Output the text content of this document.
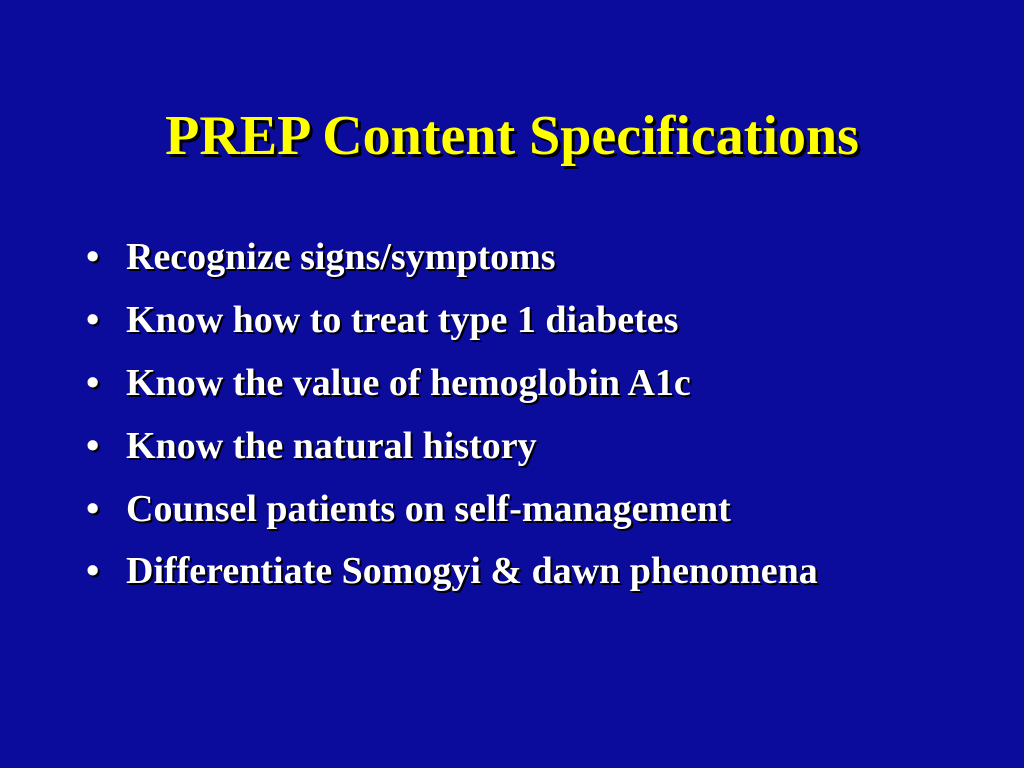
PREP Content Specifications
• Recognize signs/symptoms
• Know how to treat type 1 diabetes
• Know the value of hemoglobin A1c
• Know the natural history
• Counsel patients on self-management
• Differentiate Somogyi & dawn phenomena
